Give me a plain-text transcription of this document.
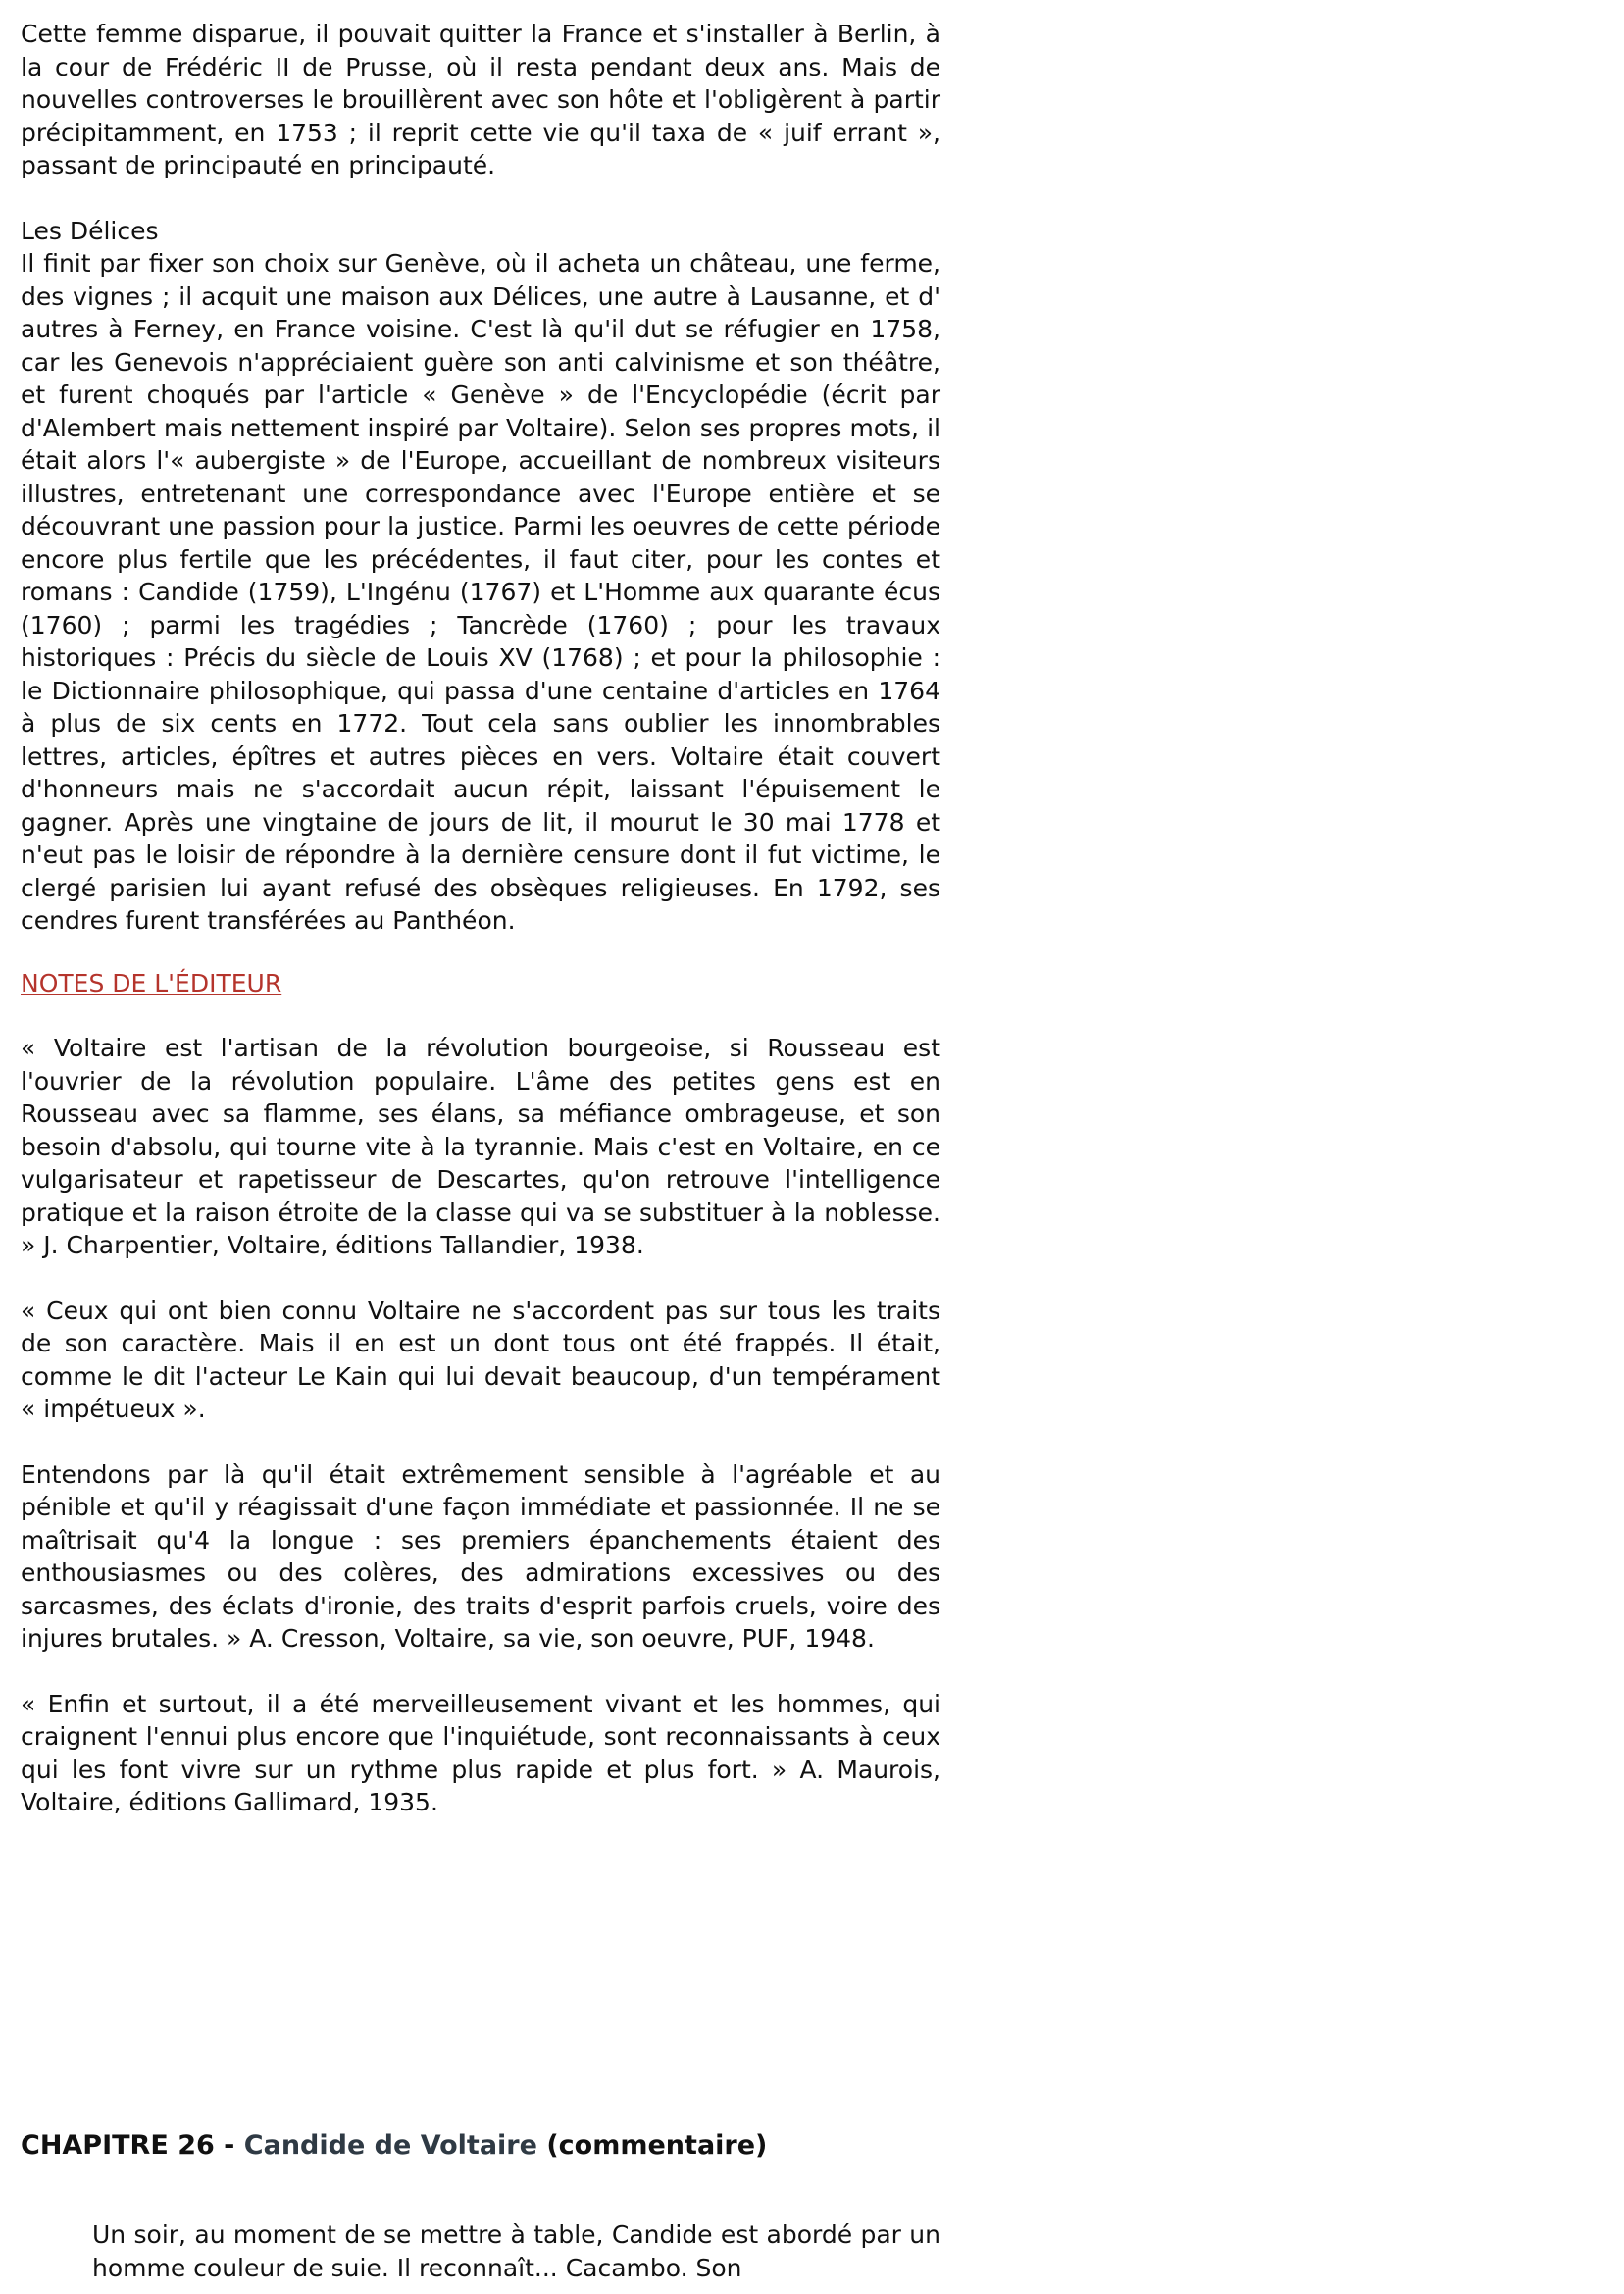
Cette femme disparue, il pouvait quitter la France et s'installer à Berlin, à la cour de Frédéric II de Prusse, où il resta pendant deux ans. Mais de nouvelles controverses le brouillèrent avec son hôte et l'obligèrent à partir précipitamment, en 1753 ; il reprit cette vie qu'il taxa de « juif errant », passant de principauté en principauté.

Les Délices

Il finit par fixer son choix sur Genève, où il acheta un château, une ferme, des vignes ; il acquit une maison aux Délices, une autre à Lausanne, et d' autres à Ferney, en France voisine. C'est là qu'il dut se réfugier en 1758, car les Genevois n'appréciaient guère son anti calvinisme et son théâtre, et furent choqués par l'article « Genève » de l'Encyclopédie (écrit par d'Alembert mais nettement inspiré par Voltaire). Selon ses propres mots, il était alors l'« aubergiste » de l'Europe, accueillant de nombreux visiteurs illustres, entretenant une correspondance avec l'Europe entière et se découvrant une passion pour la justice. Parmi les oeuvres de cette période encore plus fertile que les précédentes, il faut citer, pour les contes et romans : Candide (1759), L'Ingénu (1767) et L'Homme aux quarante écus (1760) ; parmi les tragédies ; Tancrède (1760) ; pour les travaux historiques : Précis du siècle de Louis XV (1768) ; et pour la philosophie : le Dictionnaire philosophique, qui passa d'une centaine d'articles en 1764 à plus de six cents en 1772. Tout cela sans oublier les innombrables lettres, articles, épîtres et autres pièces en vers. Voltaire était couvert d'honneurs mais ne s'accordait aucun répit, laissant l'épuisement le gagner. Après une vingtaine de jours de lit, il mourut le 30 mai 1778 et n'eut pas le loisir de répondre à la dernière censure dont il fut victime, le clergé parisien lui ayant refusé des obsèques religieuses. En 1792, ses cendres furent transférées au Panthéon.

NOTES DE L'ÉDITEUR

« Voltaire est l'artisan de la révolution bourgeoise, si Rousseau est l'ouvrier de la révolution populaire. L'âme des petites gens est en Rousseau avec sa flamme, ses élans, sa méfiance ombrageuse, et son besoin d'absolu, qui tourne vite à la tyrannie. Mais c'est en Voltaire, en ce vulgarisateur et rapetisseur de Descartes, qu'on retrouve l'intelligence pratique et la raison étroite de la classe qui va se substituer à la noblesse. » J. Charpentier, Voltaire, éditions Tallandier, 1938.

« Ceux qui ont bien connu Voltaire ne s'accordent pas sur tous les traits de son caractère. Mais il en est un dont tous ont été frappés. Il était, comme le dit l'acteur Le Kain qui lui devait beaucoup, d'un tempérament « impétueux ».

Entendons par là qu'il était extrêmement sensible à l'agréable et au pénible et qu'il y réagissait d'une façon immédiate et passionnée. Il ne se maîtrisait qu'4 la longue : ses premiers épanchements étaient des enthousiasmes ou des colères, des admirations excessives ou des sarcasmes, des éclats d'ironie, des traits d'esprit parfois cruels, voire des injures brutales. » A. Cresson, Voltaire, sa vie, son oeuvre, PUF, 1948.

« Enfin et surtout, il a été merveilleusement vivant et les hommes, qui craignent l'ennui plus encore que l'inquiétude, sont reconnaissants à ceux qui les font vivre sur un rythme plus rapide et plus fort. » A. Maurois, Voltaire, éditions Gallimard, 1935.

CHAPITRE 26 - Candide de Voltaire (commentaire)

Un soir, au moment de se mettre à table, Candide est abordé par un homme couleur de suie. Il reconnaît... Cacambo. Son
